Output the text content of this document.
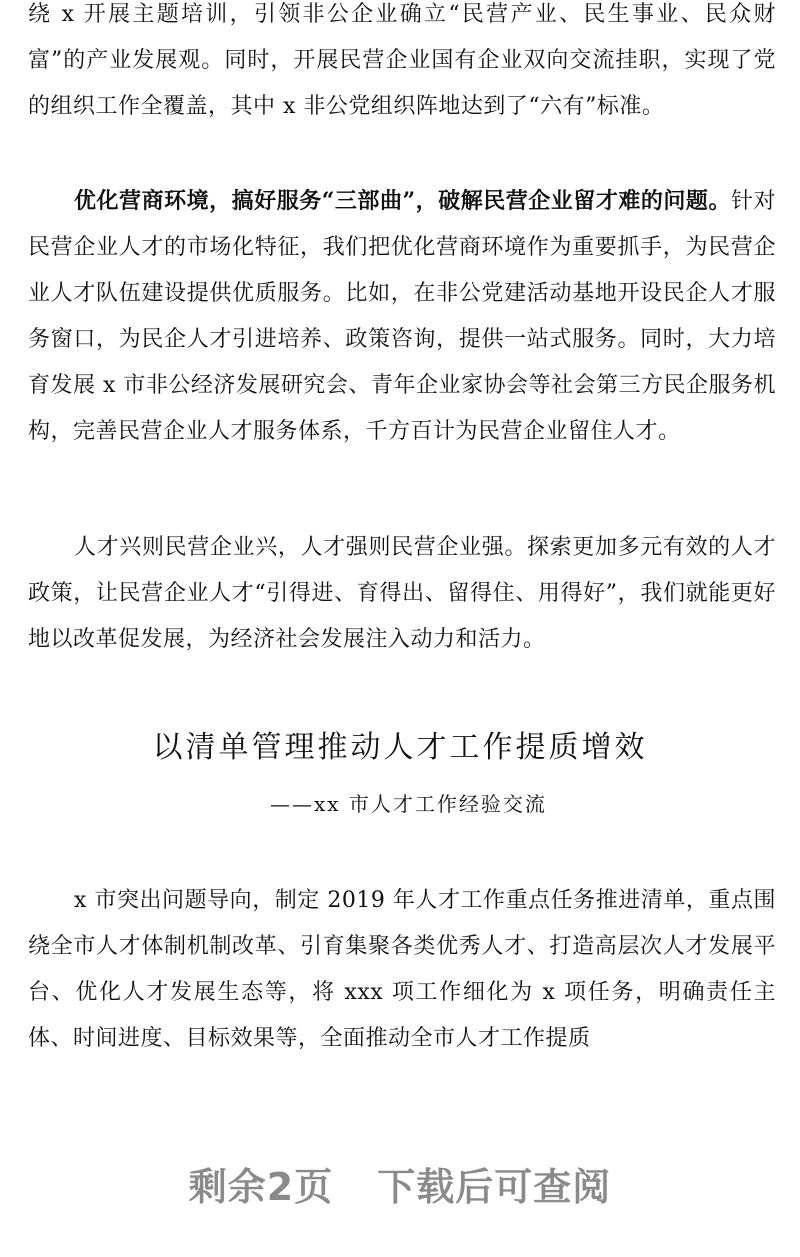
绕 x 开展主题培训，引领非公企业确立“民营产业、民生事业、民众财富”的产业发展观。同时，开展民营企业国有企业双向交流挂职，实现了党的组织工作全覆盖，其中 x 非公党组织阵地达到了“六有”标准。

优化营商环境，搞好服务“三部曲”，破解民营企业留才难的问题。针对民营企业人才的市场化特征，我们把优化营商环境作为重要抓手，为民营企业人才队伍建设提供优质服务。比如，在非公党建活动基地开设民企人才服务窗口，为民企人才引进培养、政策咨询，提供一站式服务。同时，大力培育发展 x 市非公经济发展研究会、青年企业家协会等社会第三方民企服务机构，完善民营企业人才服务体系，千方百计为民营企业留住人才。

人才兴则民营企业兴，人才强则民营企业强。探索更加多元有效的人才政策，让民营企业人才“引得进、育得出、留得住、用得好”，我们就能更好地以改革促发展，为经济社会发展注入动力和活力。

以清单管理推动人才工作提质增效

——xx 市人才工作经验交流

x 市突出问题导向，制定 2019 年人才工作重点任务推进清单，重点围绕全市人才体制机制改革、引育集聚各类优秀人才、打造高层次人才发展平台、优化人才发展生态等，将 xxx 项工作细化为 x 项任务，明确责任主体、时间进度、目标效果等，全面推动全市人才工作提质

剩余2页 下载后可查阅
